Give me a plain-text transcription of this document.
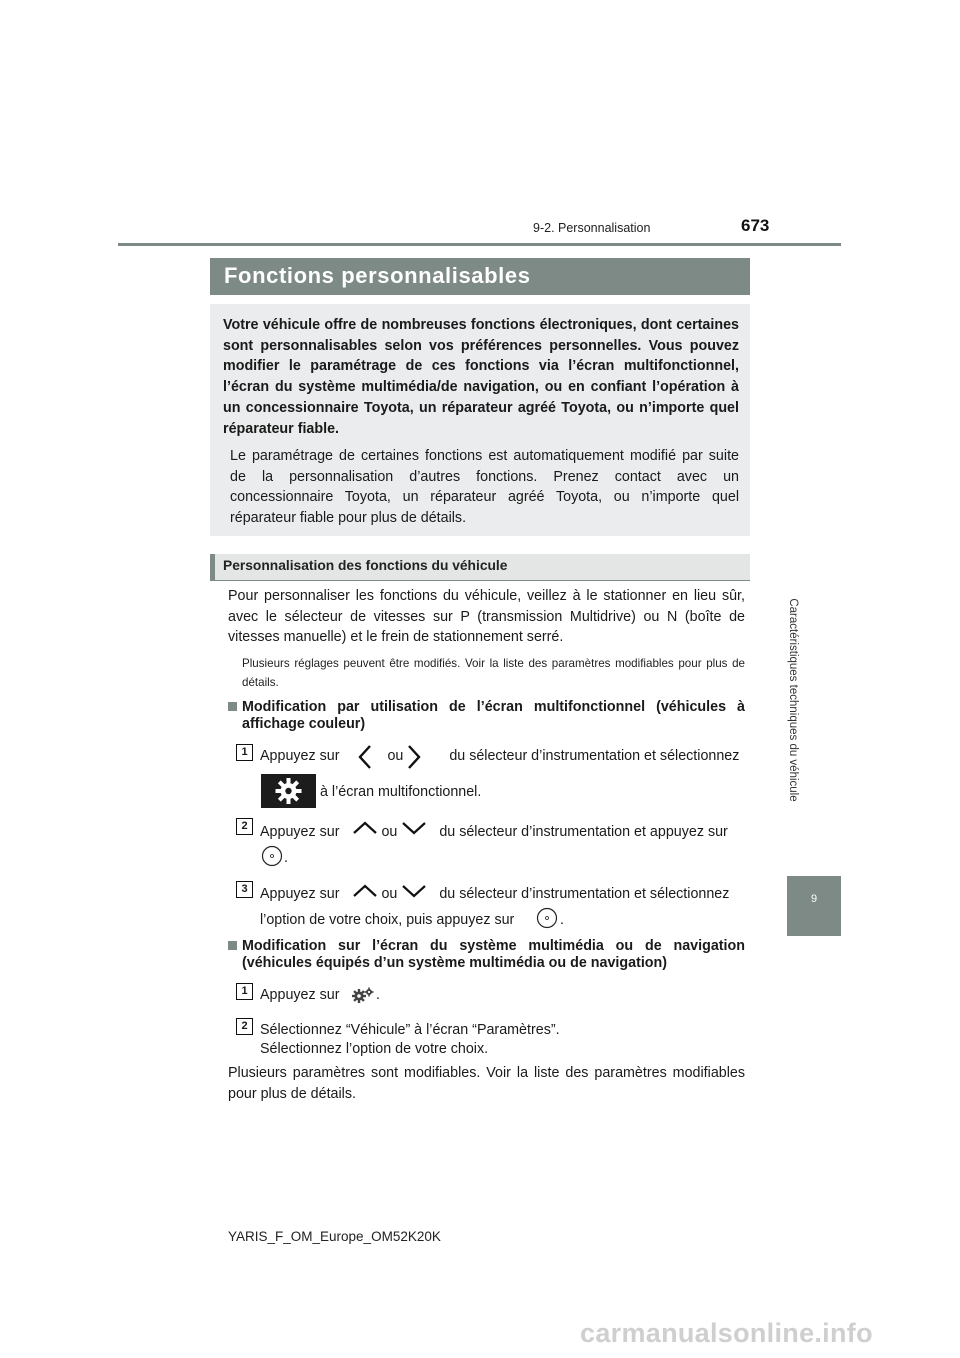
9-2. Personnalisation	673
Caractéristiques techniques du véhicule
9
Fonctions personnalisables

Votre véhicule offre de nombreuses fonctions électroniques, dont certaines sont personnalisables selon vos préférences personnelles. Vous pouvez modifier le paramétrage de ces fonctions via l’écran multifonctionnel, l’écran du système multimédia/de navigation, ou en confiant l’opération à un concessionnaire Toyota, un réparateur agréé Toyota, ou n’importe quel réparateur fiable.

Le paramétrage de certaines fonctions est automatiquement modifié par suite de la personnalisation d’autres fonctions. Prenez contact avec un concessionnaire Toyota, un réparateur agréé Toyota, ou n’importe quel réparateur fiable pour plus de détails.

Personnalisation des fonctions du véhicule

Pour personnaliser les fonctions du véhicule, veillez à le stationner en lieu sûr, avec le sélecteur de vitesses sur P (transmission Multidrive) ou N (boîte de vitesses manuelle) et le frein de stationnement serré.

Plusieurs réglages peuvent être modifiés. Voir la liste des paramètres modifiables pour plus de détails.

Modification par utilisation de l’écran multifonctionnel (véhicules à affichage couleur)
1 Appuyez sur	ou	du sélecteur d’instrumentation et sélectionnez
à l’écran multifonctionnel.
2 Appuyez sur	ou	du sélecteur d’instrumentation et appuyez sur
.
3 Appuyez sur	ou	du sélecteur d’instrumentation et sélectionnez
l’option de votre choix, puis appuyez sur	.
Modification sur l’écran du système multimédia ou de navigation (véhicules équipés d’un système multimédia ou de navigation)
1 Appuyez sur	.
2 Sélectionnez “Véhicule” à l’écran “Paramètres”.
Sélectionnez l’option de votre choix.

Plusieurs paramètres sont modifiables. Voir la liste des paramètres modifiables pour plus de détails.

YARIS_F_OM_Europe_OM52K20K
carmanualsonline.info
